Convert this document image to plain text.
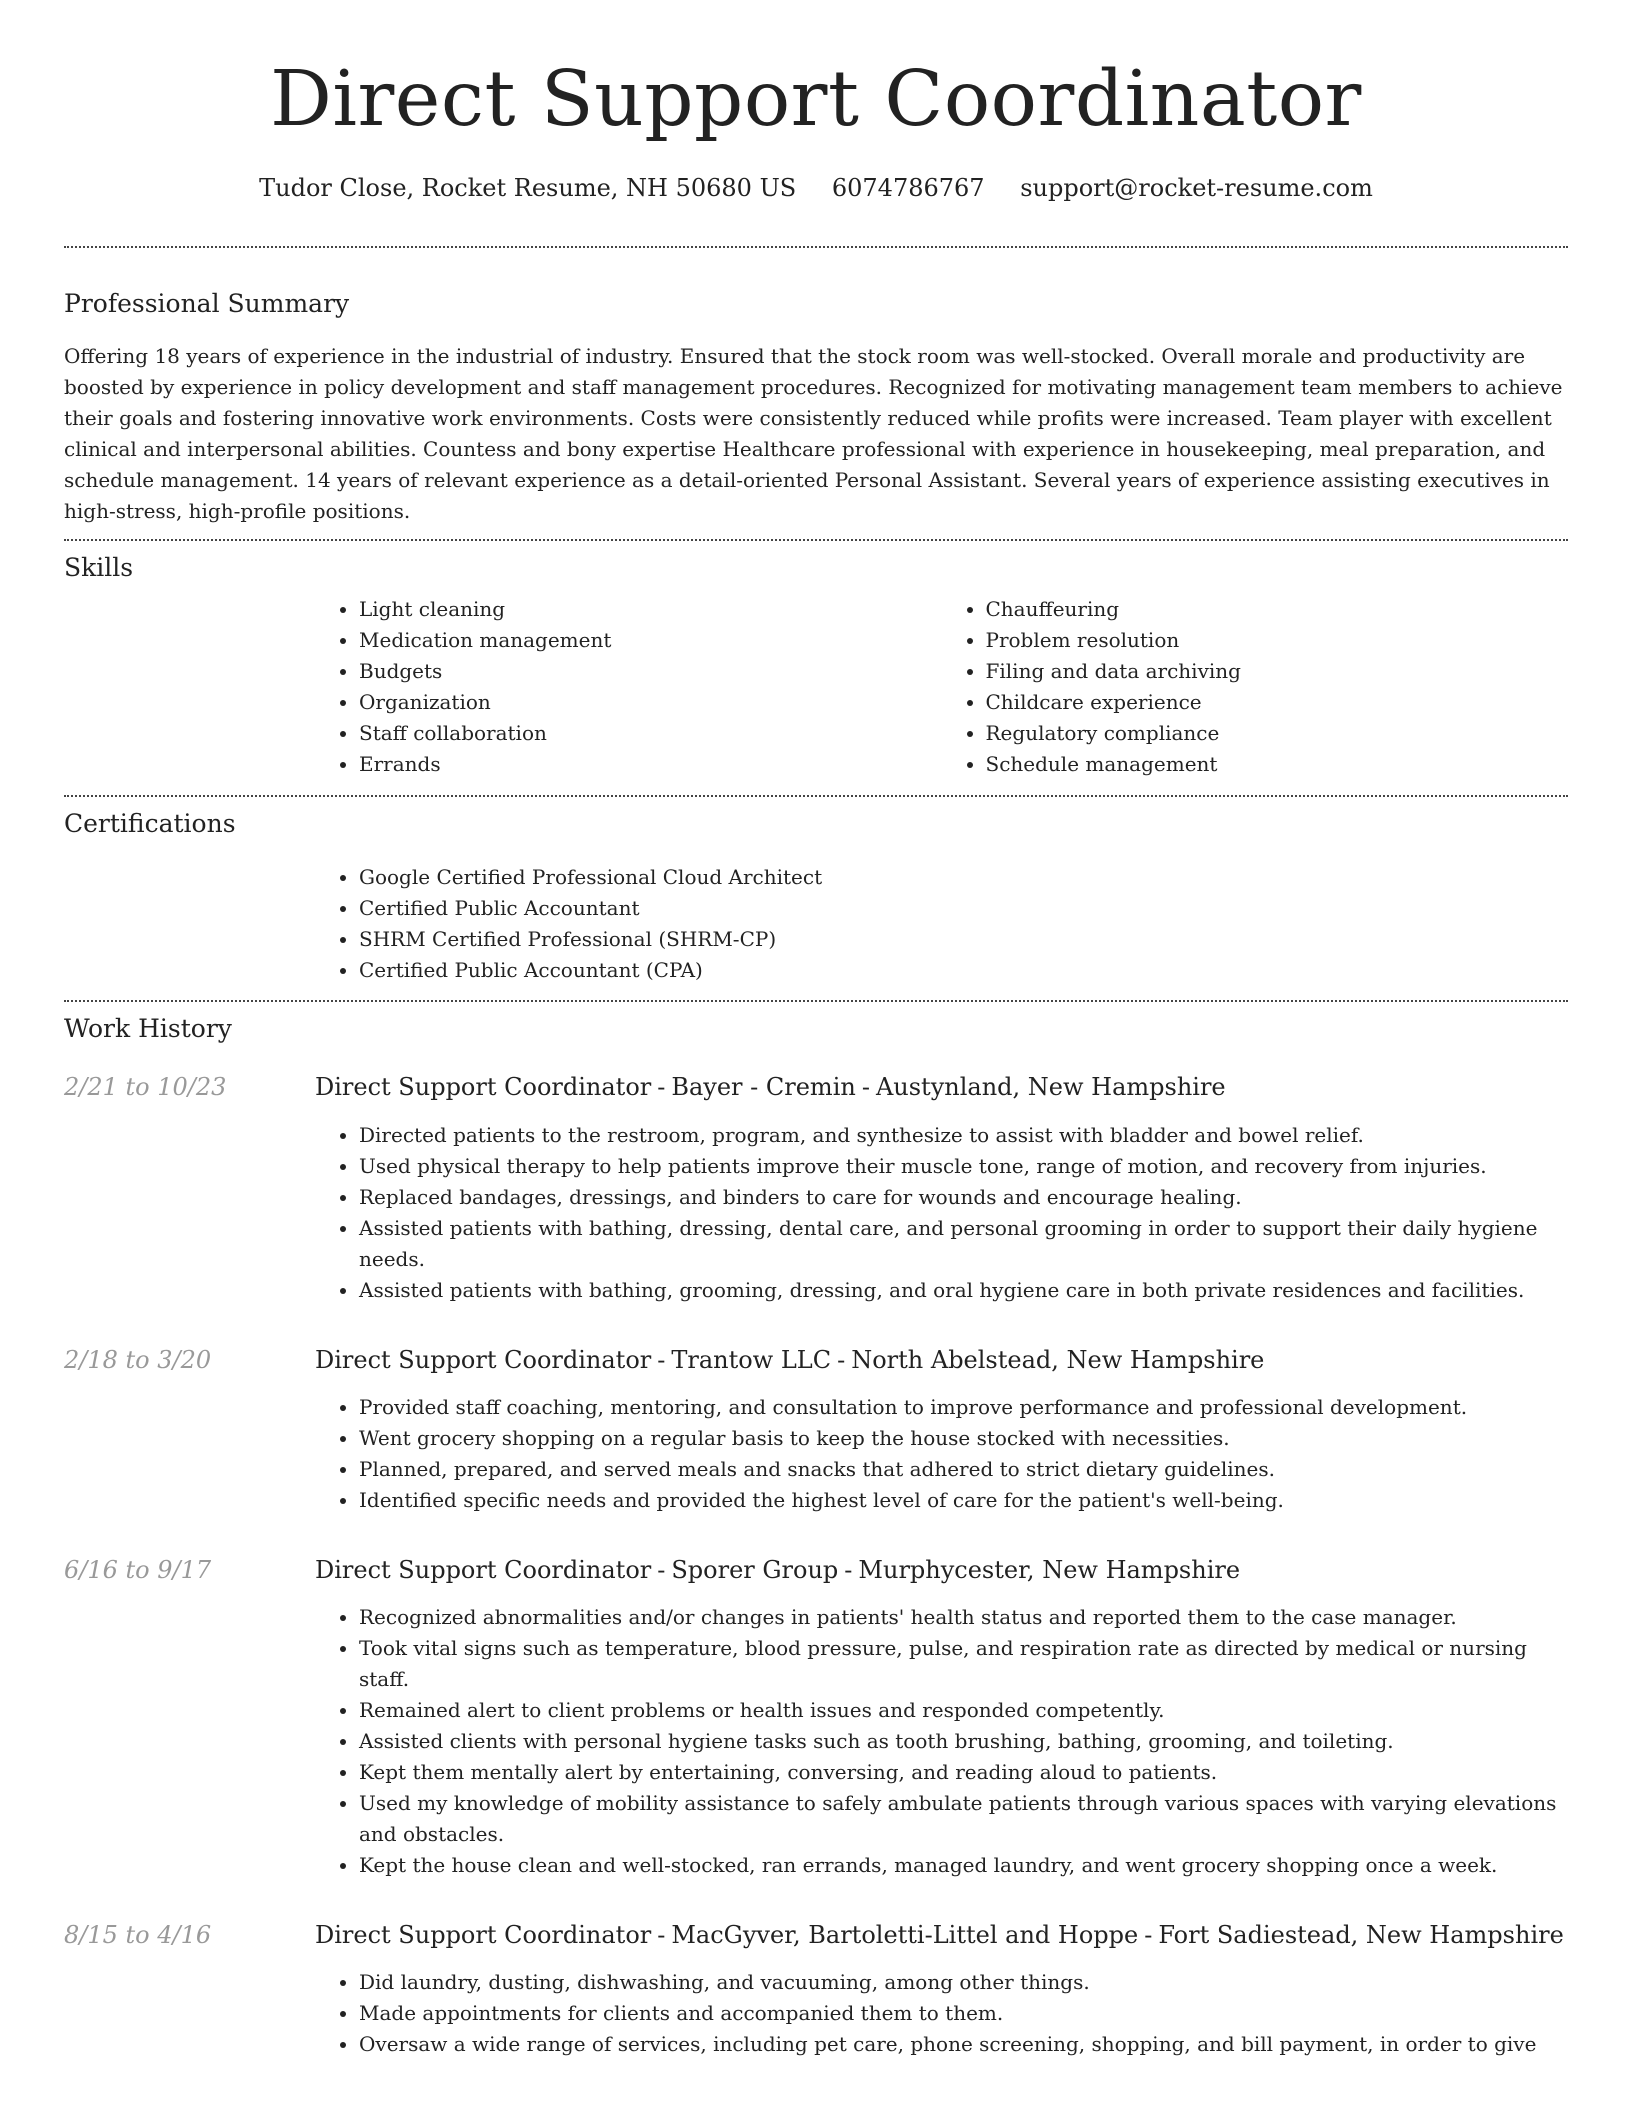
Direct Support Coordinator
Tudor Close, Rocket Resume, NH 50680 US 6074786767 support@rocket-resume.com
Professional Summary

Offering 18 years of experience in the industrial of industry. Ensured that the stock room was well-stocked. Overall morale and productivity are boosted by experience in policy development and staff management procedures. Recognized for motivating management team members to achieve their goals and fostering innovative work environments. Costs were consistently reduced while profits were increased. Team player with excellent clinical and interpersonal abilities. Countess and bony expertise Healthcare professional with experience in housekeeping, meal preparation, and schedule management. 14 years of relevant experience as a detail-oriented Personal Assistant. Several years of experience assisting executives in high-stress, high-profile positions.

Skills
• Light cleaning
• Medication management
• Budgets
• Organization
• Staff collaboration
• Errands
• Chauffeuring
• Problem resolution
• Filing and data archiving
• Childcare experience
• Regulatory compliance
• Schedule management
Certifications
• Google Certified Professional Cloud Architect
• Certified Public Accountant
• SHRM Certified Professional (SHRM-CP)
• Certified Public Accountant (CPA)
Work History
2/21 to 10/23	Direct Support Coordinator - Bayer - Cremin - Austynland, New Hampshire
• Directed patients to the restroom, program, and synthesize to assist with bladder and bowel relief.
• Used physical therapy to help patients improve their muscle tone, range of motion, and recovery from injuries.
• Replaced bandages, dressings, and binders to care for wounds and encourage healing.
• Assisted patients with bathing, dressing, dental care, and personal grooming in order to support their daily hygiene needs.
• Assisted patients with bathing, grooming, dressing, and oral hygiene care in both private residences and facilities.
2/18 to 3/20	Direct Support Coordinator - Trantow LLC - North Abelstead, New Hampshire
• Provided staff coaching, mentoring, and consultation to improve performance and professional development.
• Went grocery shopping on a regular basis to keep the house stocked with necessities.
• Planned, prepared, and served meals and snacks that adhered to strict dietary guidelines.
• Identified specific needs and provided the highest level of care for the patient's well-being.
6/16 to 9/17	Direct Support Coordinator - Sporer Group - Murphycester, New Hampshire
• Recognized abnormalities and/or changes in patients' health status and reported them to the case manager.
• Took vital signs such as temperature, blood pressure, pulse, and respiration rate as directed by medical or nursing staff.
• Remained alert to client problems or health issues and responded competently.
• Assisted clients with personal hygiene tasks such as tooth brushing, bathing, grooming, and toileting.
• Kept them mentally alert by entertaining, conversing, and reading aloud to patients.
• Used my knowledge of mobility assistance to safely ambulate patients through various spaces with varying elevations and obstacles.
• Kept the house clean and well-stocked, ran errands, managed laundry, and went grocery shopping once a week.
8/15 to 4/16	Direct Support Coordinator - MacGyver, Bartoletti-Littel and Hoppe - Fort Sadiestead, New Hampshire
• Did laundry, dusting, dishwashing, and vacuuming, among other things.
• Made appointments for clients and accompanied them to them.
• Oversaw a wide range of services, including pet care, phone screening, shopping, and bill payment, in order to give
